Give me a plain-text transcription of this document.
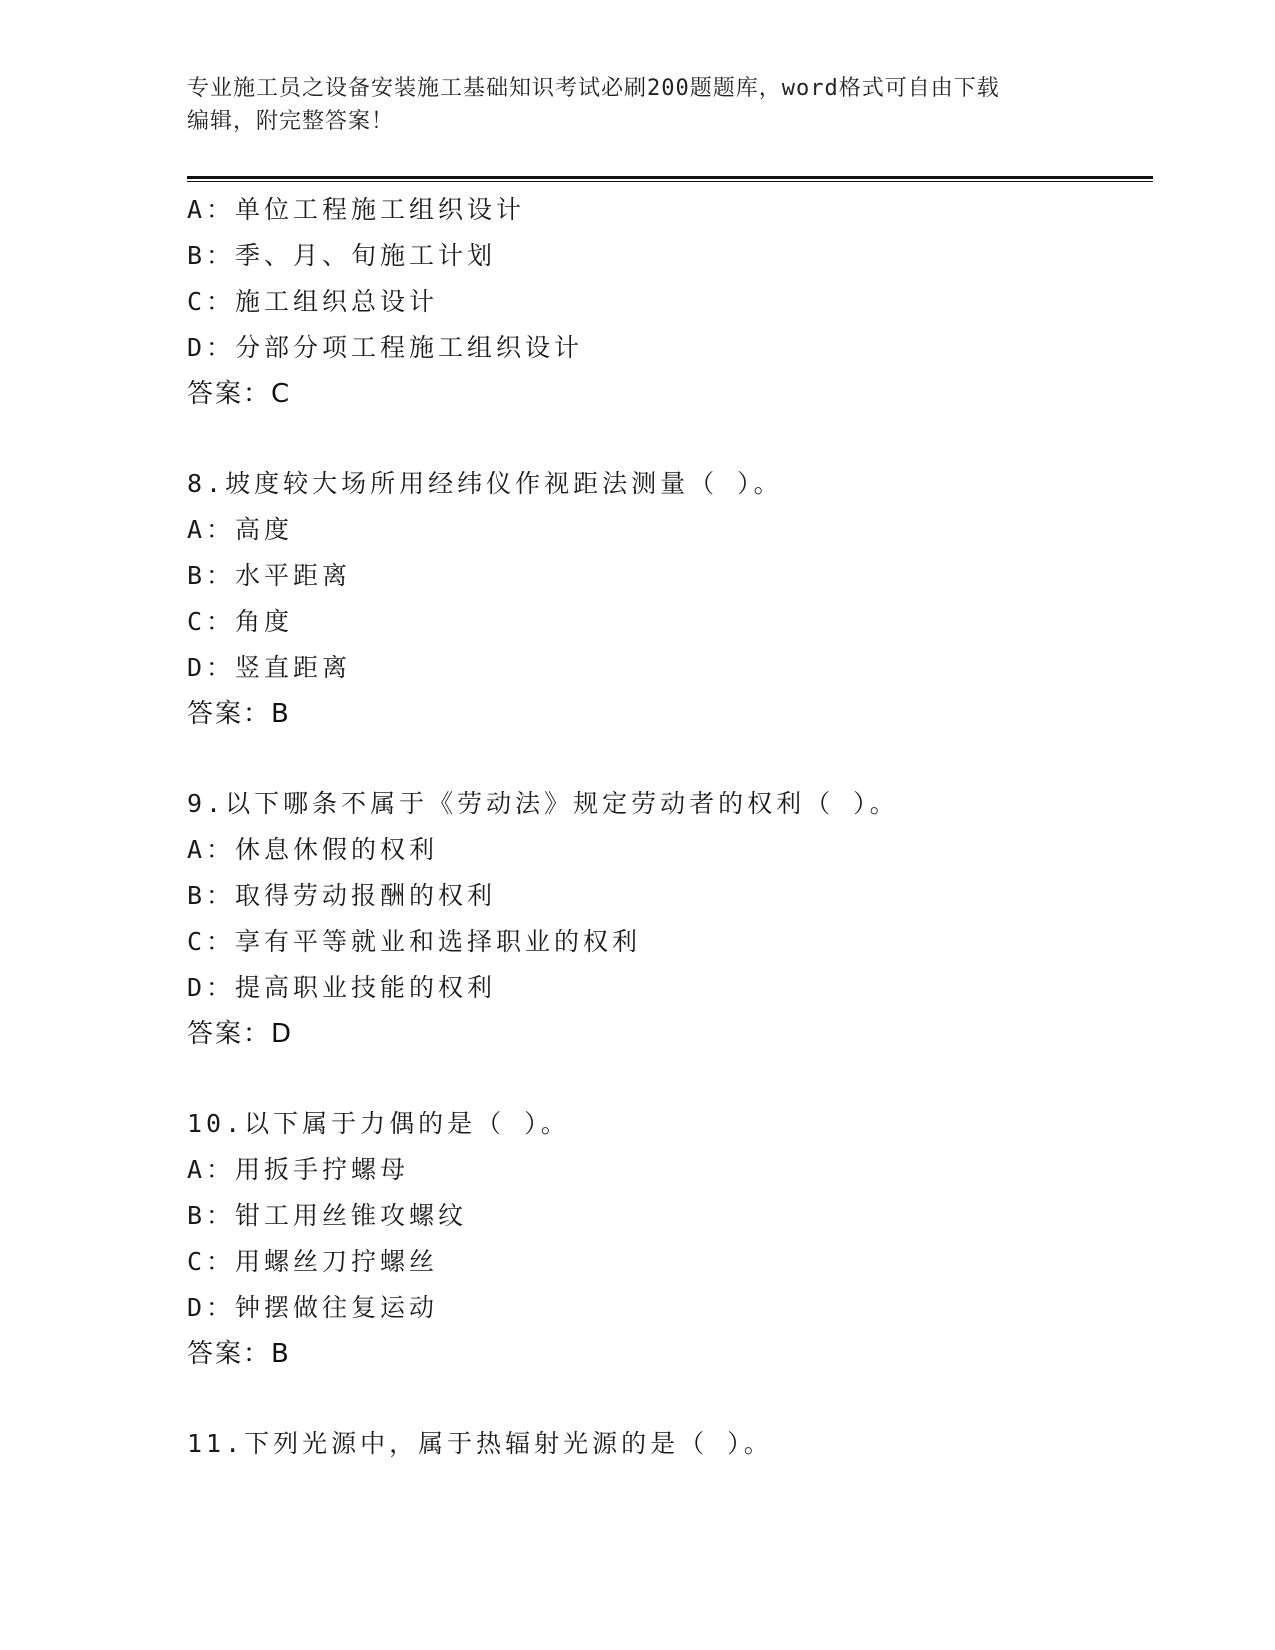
专业施工员之设备安装施工基础知识考试必刷200题题库，word格式可自由下载
编辑，附完整答案！
A：单位工程施工组织设计
B：季、月、旬施工计划
C：施工组织总设计
D：分部分项工程施工组织设计
答案：C
8.坡度较大场所用经纬仪作视距法测量（ ）。
A：高度
B：水平距离
C：角度
D：竖直距离
答案：B
9.以下哪条不属于《劳动法》规定劳动者的权利（ ）。
A：休息休假的权利
B：取得劳动报酬的权利
C：享有平等就业和选择职业的权利
D：提高职业技能的权利
答案：D
10.以下属于力偶的是（ ）。
A：用扳手拧螺母
B：钳工用丝锥攻螺纹
C：用螺丝刀拧螺丝
D：钟摆做往复运动
答案：B
11.下列光源中，属于热辐射光源的是（ ）。
